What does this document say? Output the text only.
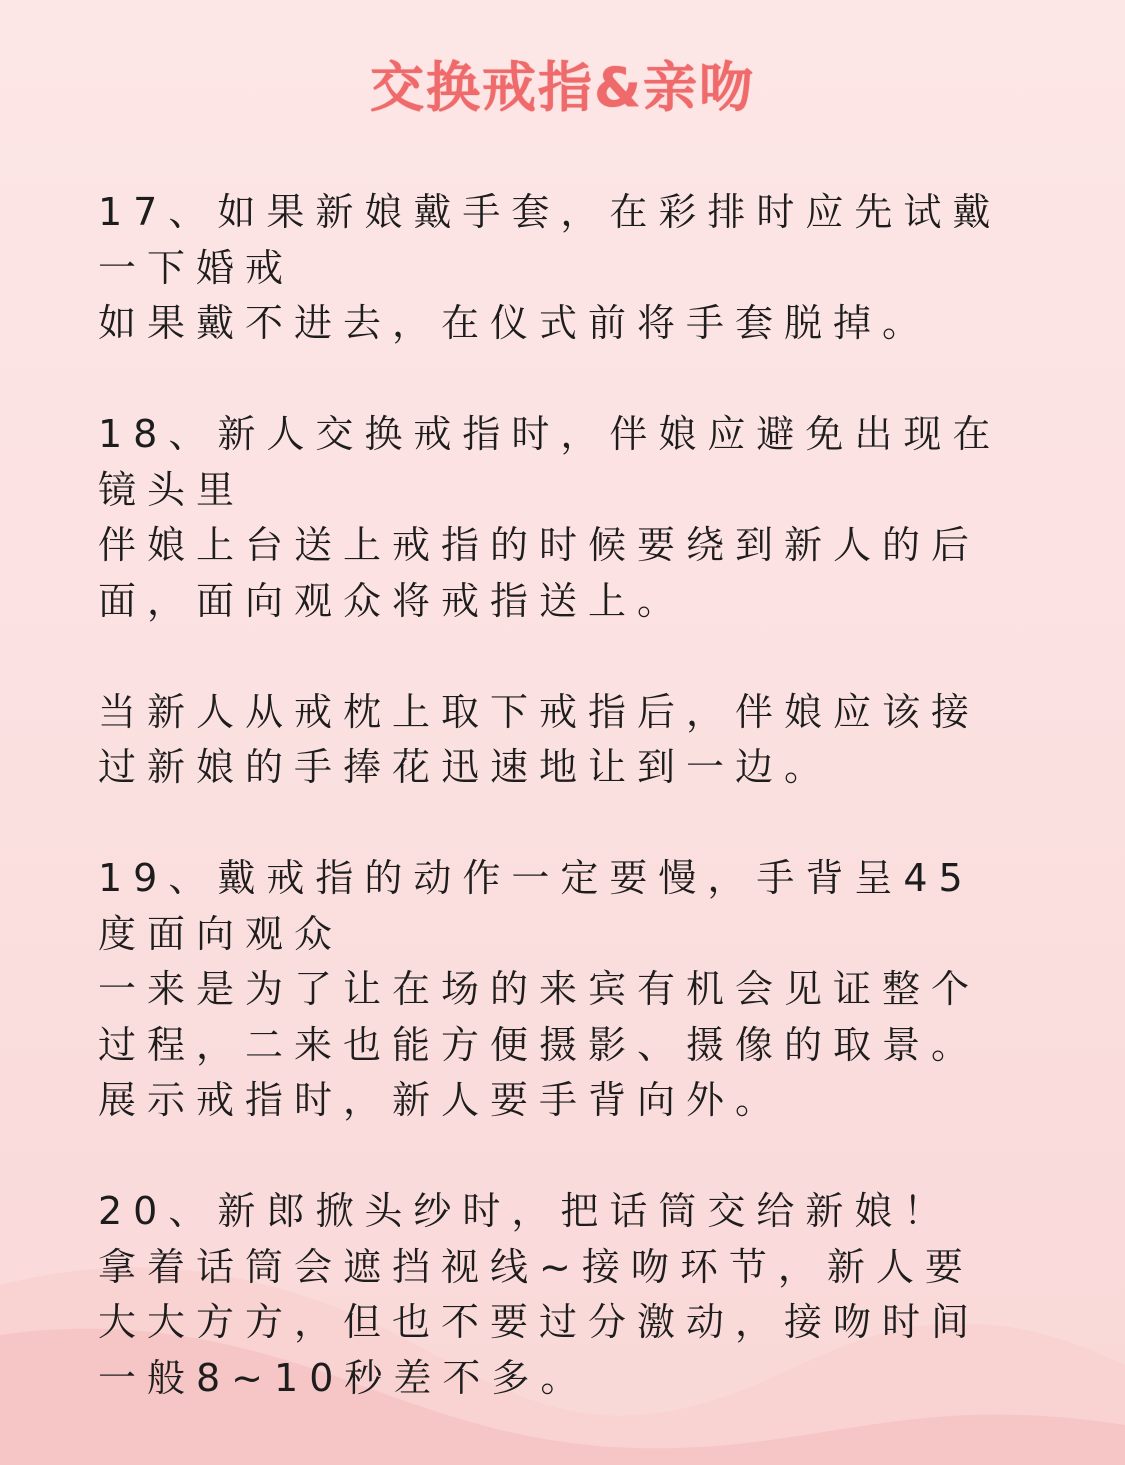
交换戒指&亲吻
17、如果新娘戴手套，在彩排时应先试戴
一下婚戒
如果戴不进去，在仪式前将手套脱掉。
18、新人交换戒指时，伴娘应避免出现在
镜头里
伴娘上台送上戒指的时候要绕到新人的后
面，面向观众将戒指送上。
当新人从戒枕上取下戒指后，伴娘应该接
过新娘的手捧花迅速地让到一边。
19、戴戒指的动作一定要慢，手背呈45
度面向观众
一来是为了让在场的来宾有机会见证整个
过程，二来也能方便摄影、摄像的取景。
展示戒指时，新人要手背向外。
20、新郎掀头纱时，把话筒交给新娘！
拿着话筒会遮挡视线~接吻环节，新人要
大大方方，但也不要过分激动，接吻时间
一般8~10秒差不多。
